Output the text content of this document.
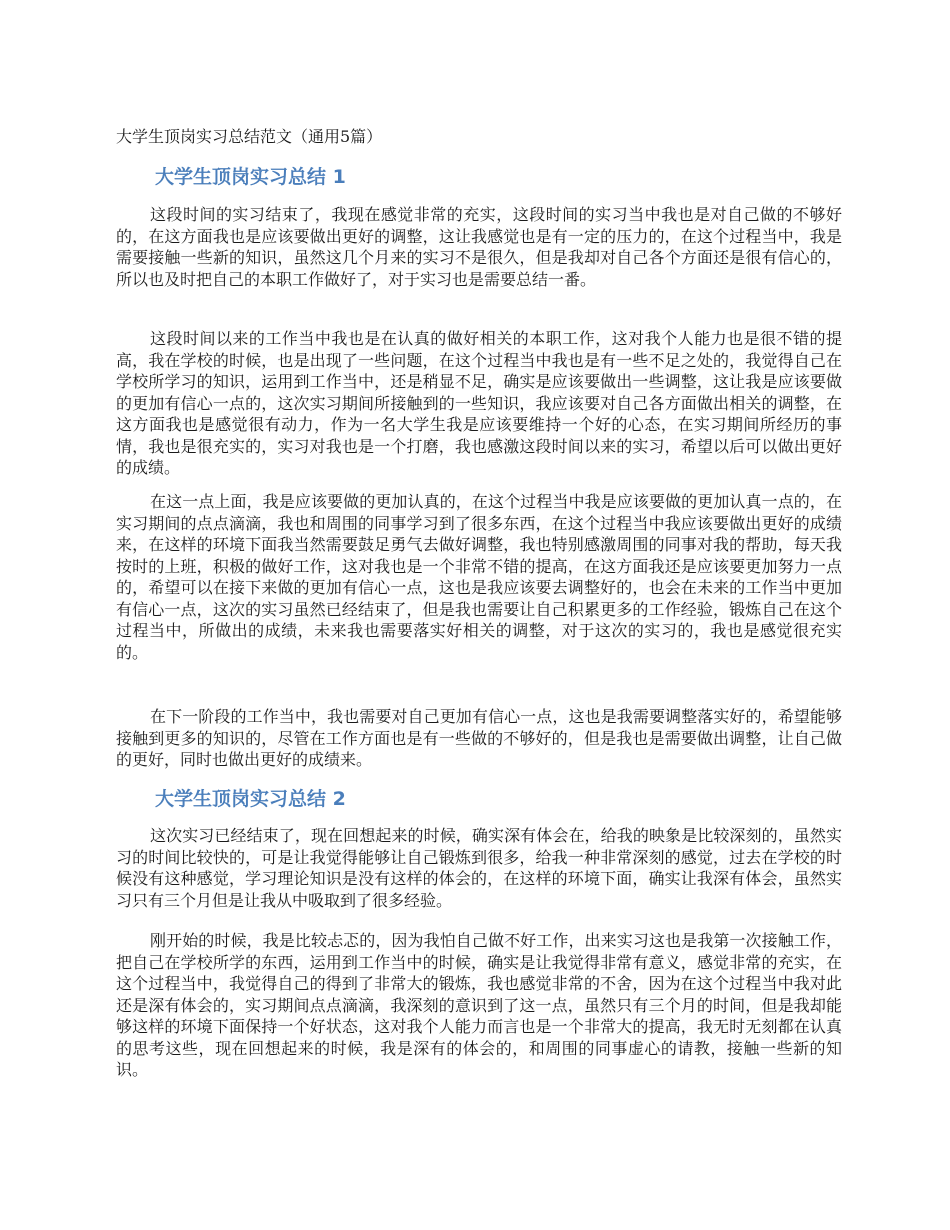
大学生顶岗实习总结范文（通用5篇）
大学生顶岗实习总结 1

这段时间的实习结束了，我现在感觉非常的充实，这段时间的实习当中我也是对自己做的不够好的，在这方面我也是应该要做出更好的调整，这让我感觉也是有一定的压力的，在这个过程当中，我是需要接触一些新的知识，虽然这几个月来的实习不是很久，但是我却对自己各个方面还是很有信心的，所以也及时把自己的本职工作做好了，对于实习也是需要总结一番。

这段时间以来的工作当中我也是在认真的做好相关的本职工作，这对我个人能力也是很不错的提高，我在学校的时候，也是出现了一些问题，在这个过程当中我也是有一些不足之处的，我觉得自己在学校所学习的知识，运用到工作当中，还是稍显不足，确实是应该要做出一些调整，这让我是应该要做的更加有信心一点的，这次实习期间所接触到的一些知识，我应该要对自己各方面做出相关的调整，在这方面我也是感觉很有动力，作为一名大学生我是应该要维持一个好的心态，在实习期间所经历的事情，我也是很充实的，实习对我也是一个打磨，我也感激这段时间以来的实习，希望以后可以做出更好的成绩。

在这一点上面，我是应该要做的更加认真的，在这个过程当中我是应该要做的更加认真一点的，在实习期间的点点滴滴，我也和周围的同事学习到了很多东西，在这个过程当中我应该要做出更好的成绩来，在这样的环境下面我当然需要鼓足勇气去做好调整，我也特别感激周围的同事对我的帮助，每天我按时的上班，积极的做好工作，这对我也是一个非常不错的提高，在这方面我还是应该要更加努力一点的，希望可以在接下来做的更加有信心一点，这也是我应该要去调整好的，也会在未来的工作当中更加有信心一点，这次的实习虽然已经结束了，但是我也需要让自己积累更多的工作经验，锻炼自己在这个过程当中，所做出的成绩，未来我也需要落实好相关的调整，对于这次的实习的，我也是感觉很充实的。

在下一阶段的工作当中，我也需要对自己更加有信心一点，这也是我需要调整落实好的，希望能够接触到更多的知识的，尽管在工作方面也是有一些做的不够好的，但是我也是需要做出调整，让自己做的更好，同时也做出更好的成绩来。

大学生顶岗实习总结 2

这次实习已经结束了，现在回想起来的时候，确实深有体会在，给我的映象是比较深刻的，虽然实习的时间比较快的，可是让我觉得能够让自己锻炼到很多，给我一种非常深刻的感觉，过去在学校的时候没有这种感觉，学习理论知识是没有这样的体会的，在这样的环境下面，确实让我深有体会，虽然实习只有三个月但是让我从中吸取到了很多经验。

刚开始的时候，我是比较忐忑的，因为我怕自己做不好工作，出来实习这也是我第一次接触工作，把自己在学校所学的东西，运用到工作当中的时候，确实是让我觉得非常有意义，感觉非常的充实，在这个过程当中，我觉得自己的得到了非常大的锻炼，我也感觉非常的不舍，因为在这个过程当中我对此还是深有体会的，实习期间点点滴滴，我深刻的意识到了这一点，虽然只有三个月的时间，但是我却能够这样的环境下面保持一个好状态，这对我个人能力而言也是一个非常大的提高，我无时无刻都在认真的思考这些，现在回想起来的时候，我是深有的体会的，和周围的同事虚心的请教，接触一些新的知识。
